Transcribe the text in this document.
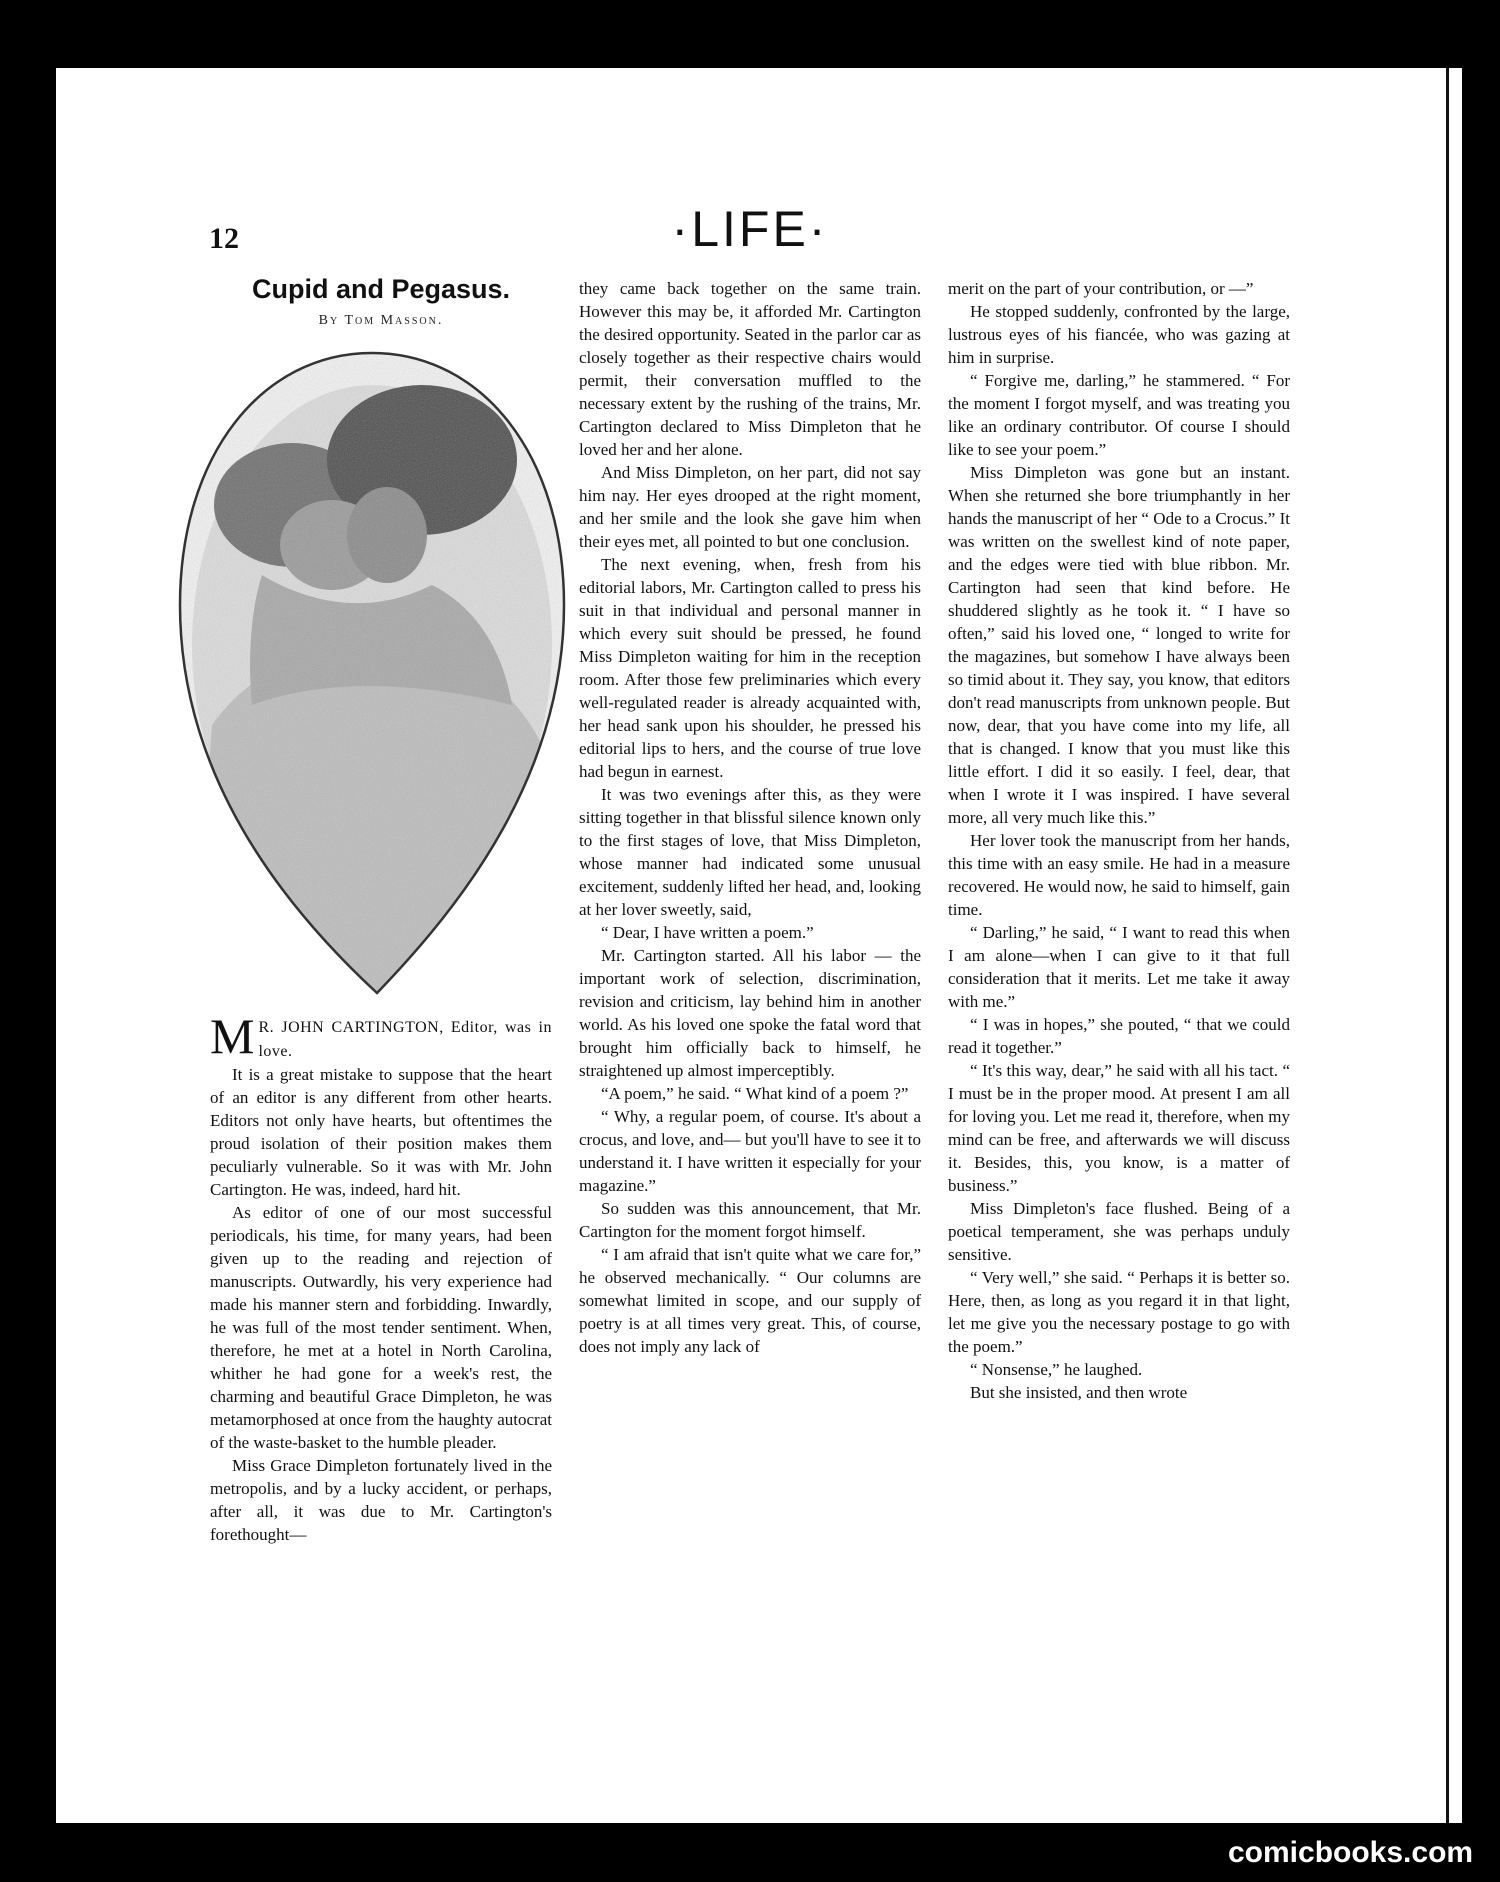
12	·LIFE·
Cupid and Pegasus.
By Tom Masson.

M R. JOHN CARTINGTON, Editor, was in love.

It is a great mistake to suppose that the heart of an editor is any different from other hearts. Editors not only have hearts, but oftentimes the proud isolation of their position makes them peculiarly vulnerable. So it was with Mr. John Cartington. He was, indeed, hard hit.

As editor of one of our most successful periodicals, his time, for many years, had been given up to the reading and rejection of manuscripts. Outwardly, his very experience had made his manner stern and forbidding. Inwardly, he was full of the most tender sentiment. When, therefore, he met at a hotel in North Carolina, whither he had gone for a week's rest, the charming and beautiful Grace Dimpleton, he was metamorphosed at once from the haughty autocrat of the waste-basket to the humble pleader.

Miss Grace Dimpleton fortunately lived in the metropolis, and by a lucky accident, or perhaps, after all, it was due to Mr. Cartington's forethought—

they came back together on the same train. However this may be, it afforded Mr. Cartington the desired opportunity. Seated in the parlor car as closely together as their respective chairs would permit, their conversation muffled to the necessary extent by the rushing of the trains, Mr. Cartington declared to Miss Dimpleton that he loved her and her alone.

And Miss Dimpleton, on her part, did not say him nay. Her eyes drooped at the right moment, and her smile and the look she gave him when their eyes met, all pointed to but one conclusion.

The next evening, when, fresh from his editorial labors, Mr. Cartington called to press his suit in that individual and personal manner in which every suit should be pressed, he found Miss Dimpleton waiting for him in the reception room. After those few preliminaries which every well-regulated reader is already acquainted with, her head sank upon his shoulder, he pressed his editorial lips to hers, and the course of true love had begun in earnest.

It was two evenings after this, as they were sitting together in that blissful silence known only to the first stages of love, that Miss Dimpleton, whose manner had indicated some unusual excitement, suddenly lifted her head, and, looking at her lover sweetly, said,

“ Dear, I have written a poem.”

Mr. Cartington started. All his labor — the important work of selection, discrimination, revision and criticism, lay behind him in another world. As his loved one spoke the fatal word that brought him officially back to himself, he straightened up almost imperceptibly.

“A poem,” he said. “ What kind of a poem ?”

“ Why, a regular poem, of course. It's about a crocus, and love, and— but you'll have to see it to understand it. I have written it especially for your magazine.”

So sudden was this announcement, that Mr. Cartington for the moment forgot himself.

“ I am afraid that isn't quite what we care for,” he observed mechanically. “ Our columns are somewhat limited in scope, and our supply of poetry is at all times very great. This, of course, does not imply any lack of

merit on the part of your contribution, or —”

He stopped suddenly, confronted by the large, lustrous eyes of his fiancée, who was gazing at him in surprise.

“ Forgive me, darling,” he stammered. “ For the moment I forgot myself, and was treating you like an ordinary contributor. Of course I should like to see your poem.”

Miss Dimpleton was gone but an instant. When she returned she bore triumphantly in her hands the manuscript of her “ Ode to a Crocus.” It was written on the swellest kind of note paper, and the edges were tied with blue ribbon. Mr. Cartington had seen that kind before. He shuddered slightly as he took it. “ I have so often,” said his loved one, “ longed to write for the magazines, but somehow I have always been so timid about it. They say, you know, that editors don't read manuscripts from unknown people. But now, dear, that you have come into my life, all that is changed. I know that you must like this little effort. I did it so easily. I feel, dear, that when I wrote it I was inspired. I have several more, all very much like this.”

Her lover took the manuscript from her hands, this time with an easy smile. He had in a measure recovered. He would now, he said to himself, gain time.

“ Darling,” he said, “ I want to read this when I am alone—when I can give to it that full consideration that it merits. Let me take it away with me.”

“ I was in hopes,” she pouted, “ that we could read it together.”

“ It's this way, dear,” he said with all his tact. “ I must be in the proper mood. At present I am all for loving you. Let me read it, therefore, when my mind can be free, and afterwards we will discuss it. Besides, this, you know, is a matter of business.”

Miss Dimpleton's face flushed. Being of a poetical temperament, she was perhaps unduly sensitive.

“ Very well,” she said. “ Perhaps it is better so. Here, then, as long as you regard it in that light, let me give you the necessary postage to go with the poem.”

“ Nonsense,” he laughed.

But she insisted, and then wrote

comicbooks.com
